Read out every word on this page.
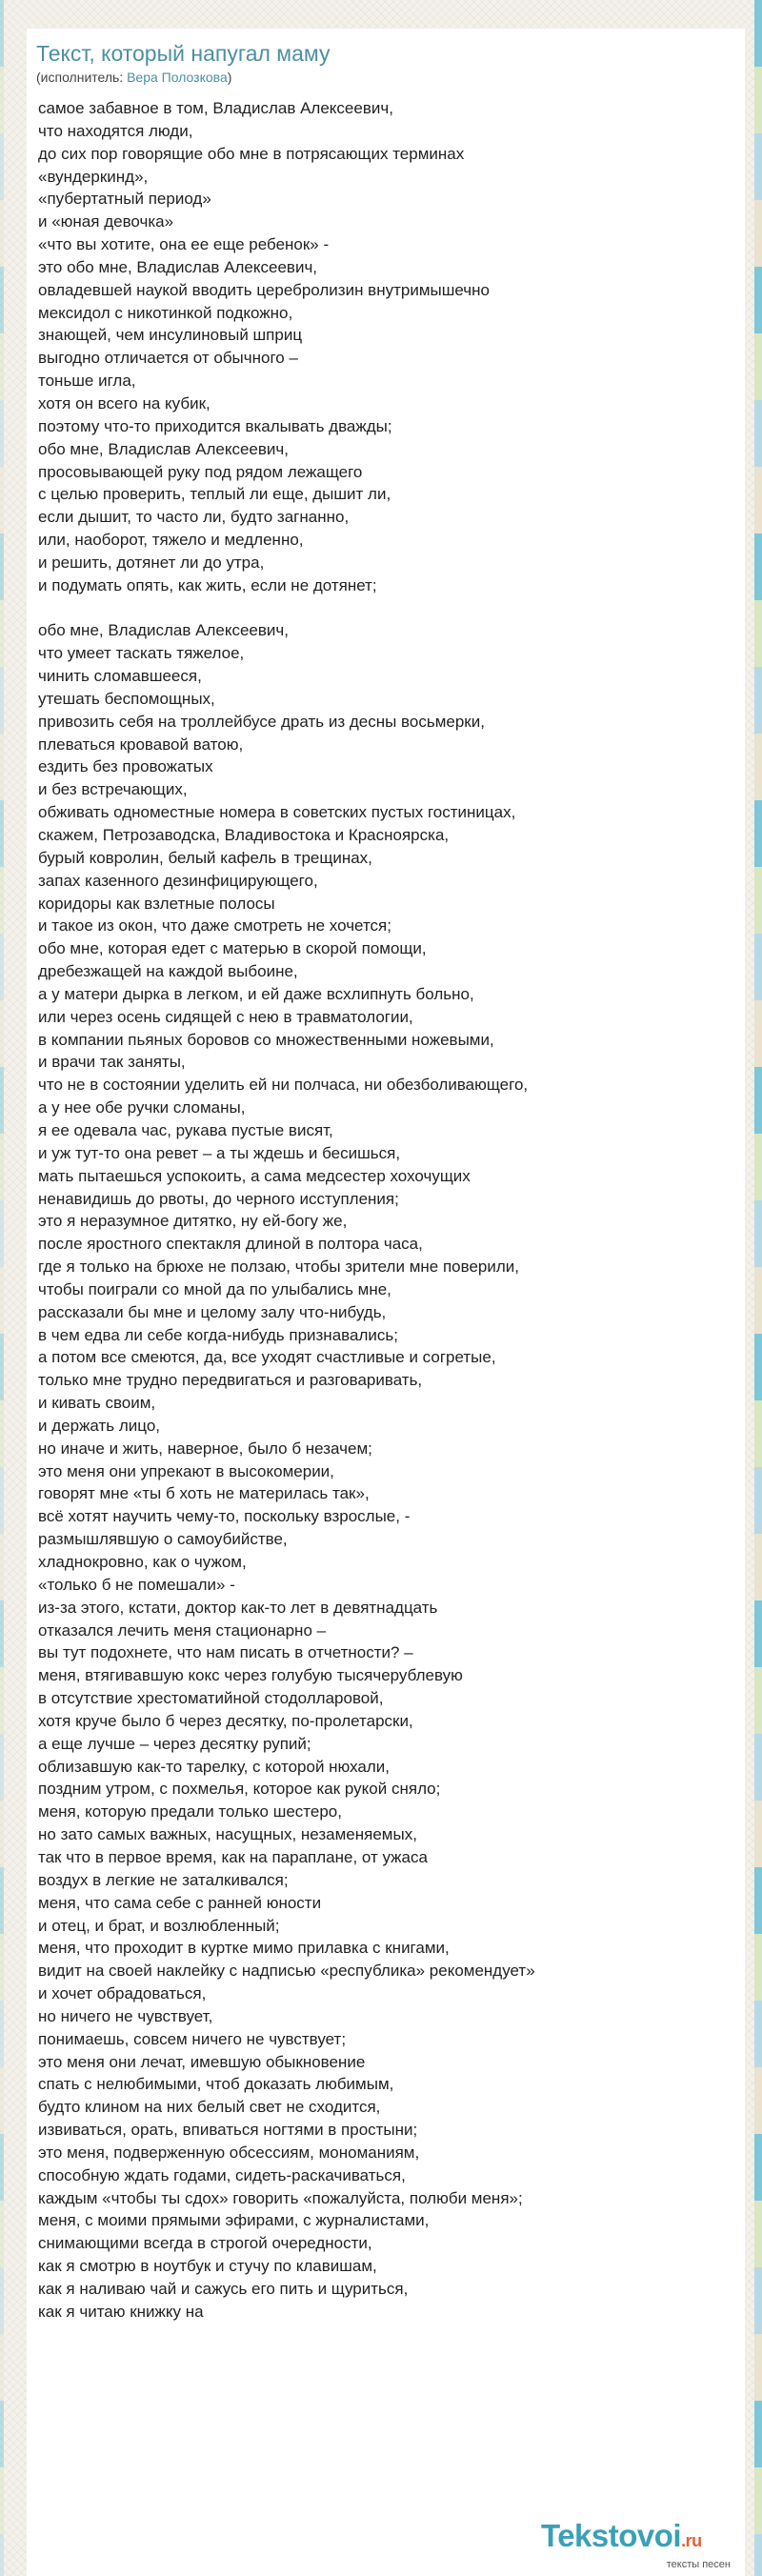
Текст, который напугал маму
(исполнитель: Вера Полозкова)
самое забавное в том, Владислав Алексеевич,
что находятся люди,
до сих пор говорящие обо мне в потрясающих терминах
«вундеркинд»,
«пубертатный период»
и «юная девочка»
«что вы хотите, она ее еще ребенок» -
это обо мне, Владислав Алексеевич,
овладевшей наукой вводить церебролизин внутримышечно
мексидол с никотинкой подкожно,
знающей, чем инсулиновый шприц
выгодно отличается от обычного –
тоньше игла,
хотя он всего на кубик,
поэтому что-то приходится вкалывать дважды;
обо мне, Владислав Алексеевич,
просовывающей руку под рядом лежащего
с целью проверить, теплый ли еще, дышит ли,
если дышит, то часто ли, будто загнанно,
или, наоборот, тяжело и медленно,
и решить, дотянет ли до утра,
и подумать опять, как жить, если не дотянет;
обо мне, Владислав Алексеевич,
что умеет таскать тяжелое,
чинить сломавшееся,
утешать беспомощных,
привозить себя на троллейбусе драть из десны восьмерки,
плеваться кровавой ватою,
ездить без провожатых
и без встречающих,
обживать одноместные номера в советских пустых гостиницах,
скажем, Петрозаводска, Владивостока и Красноярска,
бурый ковролин, белый кафель в трещинах,
запах казенного дезинфицирующего,
коридоры как взлетные полосы
и такое из окон, что даже смотреть не хочется;
обо мне, которая едет с матерью в скорой помощи,
дребезжащей на каждой выбоине,
а у матери дырка в легком, и ей даже всхлипнуть больно,
или через осень сидящей с нею в травматологии,
в компании пьяных боровов со множественными ножевыми,
и врачи так заняты,
что не в состоянии уделить ей ни полчаса, ни обезболивающего,
а у нее обе ручки сломаны,
я ее одевала час, рукава пустые висят,
и уж тут-то она ревет – а ты ждешь и бесишься,
мать пытаешься успокоить, а сама медсестер хохочущих
ненавидишь до рвоты, до черного исступления;
это я неразумное дитятко, ну ей-богу же,
после яростного спектакля длиной в полтора часа,
где я только на брюхе не ползаю, чтобы зрители мне поверили,
чтобы поиграли со мной да по улыбались мне,
рассказали бы мне и целому залу что-нибудь,
в чем едва ли себе когда-нибудь признавались;
а потом все смеются, да, все уходят счастливые и согретые,
только мне трудно передвигаться и разговаривать,
и кивать своим,
и держать лицо,
но иначе и жить, наверное, было б незачем;
это меня они упрекают в высокомерии,
говорят мне «ты б хоть не материлась так»,
всё хотят научить чему-то, поскольку взрослые, -
размышлявшую о самоубийстве,
хладнокровно, как о чужом,
«только б не помешали» -
из-за этого, кстати, доктор как-то лет в девятнадцать
отказался лечить меня стационарно –
вы тут подохнете, что нам писать в отчетности? –
меня, втягивавшую кокс через голубую тысячерублевую
в отсутствие хрестоматийной стодолларовой,
хотя круче было б через десятку, по-пролетарски,
а еще лучше – через десятку рупий;
облизавшую как-то тарелку, с которой нюхали,
поздним утром, с похмелья, которое как рукой сняло;
меня, которую предали только шестеро,
но зато самых важных, насущных, незаменяемых,
так что в первое время, как на параплане, от ужаса
воздух в легкие не заталкивался;
меня, что сама себе с ранней юности
и отец, и брат, и возлюбленный;
меня, что проходит в куртке мимо прилавка с книгами,
видит на своей наклейку с надписью «республика» рекомендует»
и хочет обрадоваться,
но ничего не чувствует,
понимаешь, совсем ничего не чувствует;
это меня они лечат, имевшую обыкновение
спать с нелюбимыми, чтоб доказать любимым,
будто клином на них белый свет не сходится,
извиваться, орать, впиваться ногтями в простыни;
это меня, подверженную обсессиям, мономаниям,
способную ждать годами, сидеть-раскачиваться,
каждым «чтобы ты сдох» говорить «пожалуйста, полюби меня»;
меня, с моими прямыми эфирами, с журналистами,
снимающими всегда в строгой очередности,
как я смотрю в ноутбук и стучу по клавишам,
как я наливаю чай и сажусь его пить и щуриться,
как я читаю книжку на
Tekstovoi.ru
тексты песен
